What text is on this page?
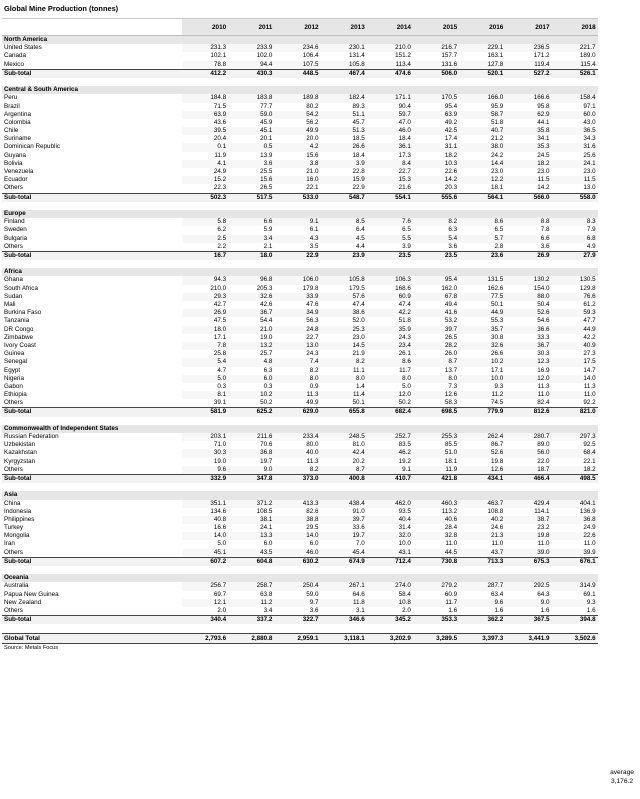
Global Mine Production (tonnes)
2010	2011	2012	2013	2014	2015	2016	2017	2018
North America
United States	231.3	233.9	234.6	230.1	210.0	216.7	229.1	236.5	221.7
Canada	102.1	102.0	106.4	131.4	151.2	157.7	163.1	171.2	189.0
Mexico	78.8	94.4	107.5	105.8	113.4	131.6	127.8	119.4	115.4
Sub-total	412.2	430.3	448.5	467.4	474.6	506.0	520.1	527.2	526.1
Central & South America
Peru	184.8	183.8	189.8	182.4	171.1	170.5	166.0	166.6	158.4
Brazil	71.5	77.7	80.2	89.3	90.4	95.4	95.9	95.8	97.1
Argentina	63.9	59.0	54.2	51.1	59.7	63.9	58.7	62.9	60.0
Colombia	43.6	45.9	56.2	45.7	47.0	49.2	51.8	44.1	43.0
Chile	39.5	45.1	49.9	51.3	46.0	42.5	40.7	35.8	36.5
Suriname	20.4	20.1	20.0	18.5	18.4	17.4	21.2	34.1	34.3
Dominican Republic	0.1	0.5	4.2	26.6	36.1	31.1	38.0	35.3	31.6
Guyana	11.9	13.9	15.6	18.4	17.3	18.2	24.2	24.5	25.6
Bolivia	4.1	3.6	3.8	3.9	8.4	10.3	14.4	18.2	24.1
Venezuela	24.9	25.5	21.0	22.8	22.7	22.6	23.0	23.0	23.0
Ecuador	15.2	15.6	16.0	15.9	15.3	14.2	12.2	11.5	11.5
Others	22.3	26.5	22.1	22.9	21.6	20.3	18.1	14.2	13.0
Sub-total	502.3	517.5	533.0	548.7	554.1	555.6	564.1	566.0	558.0
Europe
Finland	5.8	6.6	9.1	8.5	7.6	8.2	8.6	8.8	8.3
Sweden	6.2	5.9	6.1	6.4	6.5	6.3	6.5	7.8	7.9
Bulgaria	2.5	3.4	4.3	4.5	5.5	5.4	5.7	6.6	6.8
Others	2.2	2.1	3.5	4.4	3.9	3.6	2.8	3.6	4.9
Sub-total	16.7	18.0	22.9	23.9	23.5	23.5	23.6	26.9	27.9
Africa
Ghana	94.3	96.8	106.0	105.8	106.3	95.4	131.5	130.2	130.5
South Africa	210.0	205.3	179.8	179.5	168.6	162.0	162.6	154.0	129.8
Sudan	29.3	32.6	33.9	57.6	60.9	67.8	77.5	88.0	76.6
Mali	42.7	42.6	47.6	47.4	47.4	49.4	50.1	50.4	61.2
Burkina Faso	26.9	36.7	34.9	38.6	42.2	41.6	44.9	52.6	59.3
Tanzania	47.5	54.4	56.3	52.0	51.8	53.2	55.3	54.6	47.7
DR Congo	18.0	21.0	24.8	25.3	35.9	39.7	35.7	36.6	44.9
Zimbabwe	17.1	19.0	22.7	23.0	24.3	26.5	30.8	33.3	42.2
Ivory Coast	7.8	13.2	13.0	14.5	23.4	28.2	32.6	36.7	40.9
Guinea	25.8	25.7	24.3	21.9	26.1	26.0	26.6	30.3	27.3
Senegal	5.4	4.8	7.4	8.2	8.6	8.7	10.2	12.3	17.5
Egypt	4.7	6.3	8.2	11.1	11.7	13.7	17.1	16.9	14.7
Nigeria	5.0	6.0	8.0	8.0	8.0	8.0	10.0	12.0	14.0
Gabon	0.3	0.3	0.9	1.4	5.0	7.3	9.3	11.3	11.3
Ethiopia	8.1	10.2	11.3	11.4	12.0	12.6	11.2	11.0	11.0
Others	39.1	50.2	49.9	50.1	50.2	58.3	74.5	82.4	92.2
Sub-total	581.9	625.2	629.0	655.8	682.4	698.5	779.9	812.6	821.0
Commonwealth of Independent States
Russian Federation	203.1	211.6	233.4	248.5	252.7	255.3	262.4	280.7	297.3
Uzbekistan	71.0	70.6	80.0	81.0	83.5	85.5	86.7	89.0	92.5
Kazakhstan	30.3	36.8	40.0	42.4	46.2	51.0	52.6	56.0	68.4
Kyrgyzstan	19.0	19.7	11.3	20.2	19.2	18.1	19.8	22.0	22.1
Others	9.6	9.0	8.2	8.7	9.1	11.9	12.6	18.7	18.2
Sub-total	332.9	347.8	373.0	400.8	410.7	421.8	434.1	466.4	498.5
Asia
China	351.1	371.2	413.3	438.4	462.0	460.3	463.7	429.4	404.1
Indonesia	134.6	108.5	82.6	91.0	93.5	113.2	108.8	114.1	136.9
Philippines	40.8	38.1	38.8	39.7	40.4	40.6	40.2	38.7	36.8
Turkey	16.6	24.1	29.5	33.6	31.4	28.4	24.6	23.2	24.9
Mongolia	14.0	13.3	14.0	19.7	32.0	32.8	21.3	19.8	22.6
Iran	5.0	6.0	6.0	7.0	10.0	11.0	11.0	11.0	11.0
Others	45.1	43.5	46.0	45.4	43.1	44.5	43.7	39.0	39.9
Sub-total	607.2	604.8	630.2	674.9	712.4	730.8	713.3	675.3	676.1
Oceania
Australia	256.7	258.7	250.4	267.1	274.0	279.2	287.7	292.5	314.9
Papua New Guinea	69.7	63.8	59.0	64.6	58.4	60.9	63.4	64.3	69.1
New Zealand	12.1	11.2	9.7	11.8	10.8	11.7	9.6	9.0	9.3
Others	2.0	3.4	3.6	3.1	2.0	1.6	1.6	1.6	1.6
Sub-total	340.4	337.2	322.7	346.6	345.2	353.3	362.2	367.5	394.8
Global Total	2,793.6	2,880.8	2,959.1	3,118.1	3,202.9	3,289.5	3,397.3	3,441.9	3,502.6
Source: Metals Focus
average
3,176.2
